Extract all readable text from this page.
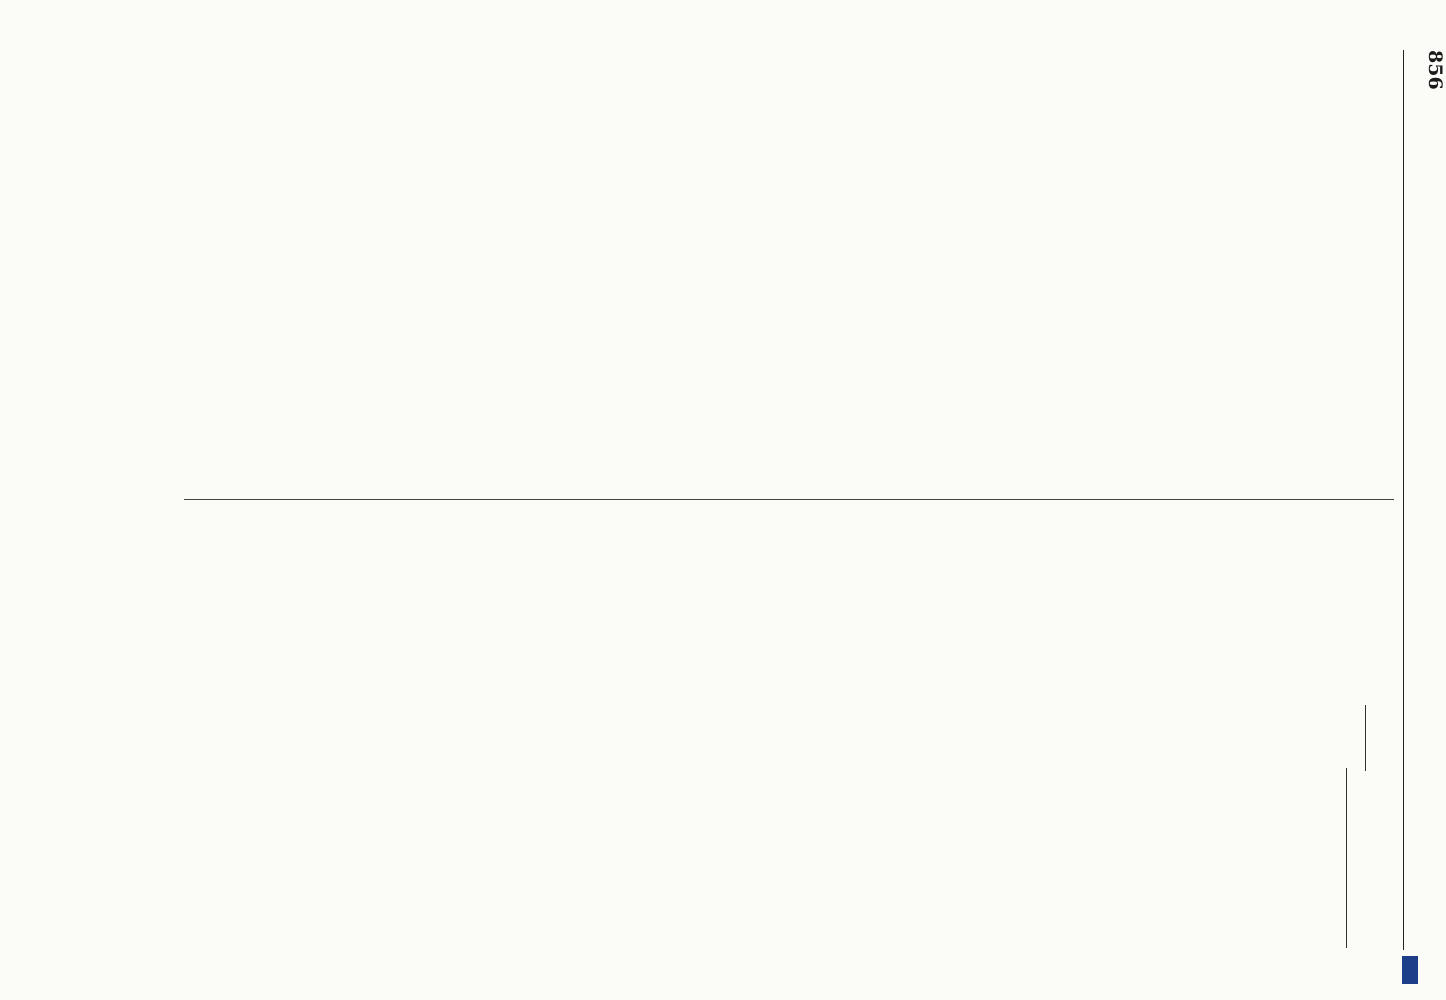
856
